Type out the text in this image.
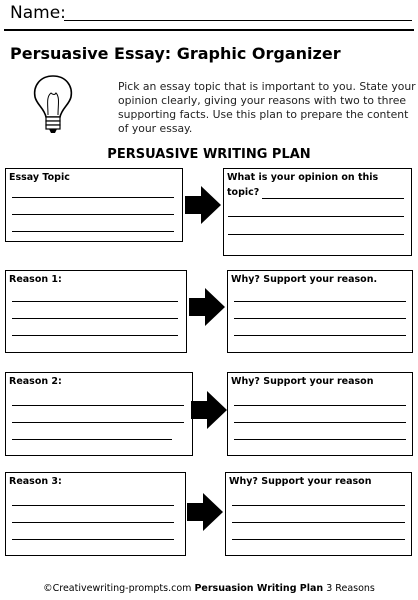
Name:
Persuasive Essay: Graphic Organizer
Pick an essay topic that is important to you. State your opinion clearly, giving your reasons with two to three supporting facts. Use this plan to prepare the content of your essay.
PERSUASIVE WRITING PLAN
Essay Topic	What is your opinion on this
topic?
Reason 1:	Why? Support your reason.
Reason 2:	Why? Support your reason
Reason 3:	Why? Support your reason
©Creativewriting-prompts.com Persuasion Writing Plan 3 Reasons
